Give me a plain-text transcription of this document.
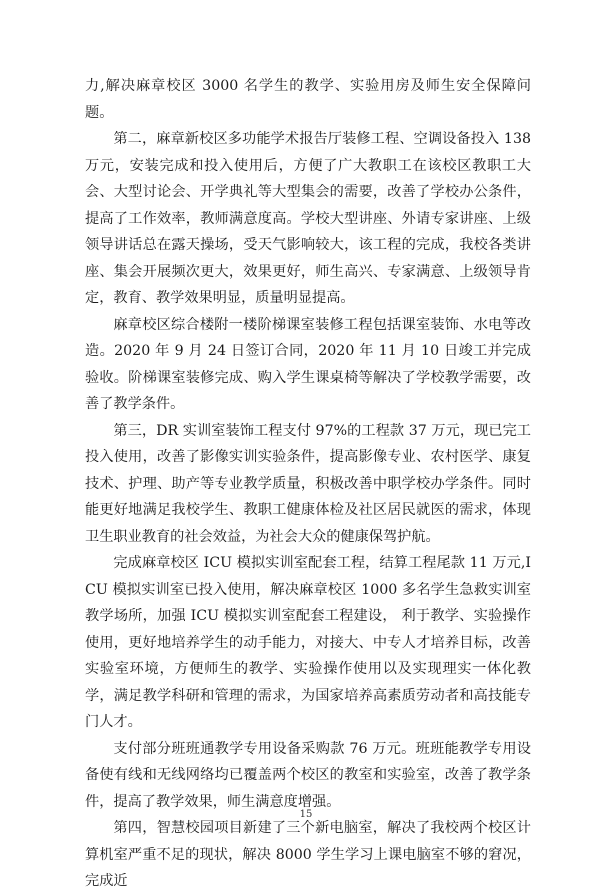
力,解决麻章校区 3000 名学生的教学、实验用房及师生安全保障问题。

第二，麻章新校区多功能学术报告厅装修工程、空调设备投入 138 万元，安装完成和投入使用后，方便了广大教职工在该校区教职工大会、大型讨论会、开学典礼等大型集会的需要，改善了学校办公条件，提高了工作效率，教师满意度高。学校大型讲座、外请专家讲座、上级领导讲话总在露天操场，受天气影响较大，该工程的完成，我校各类讲座、集会开展频次更大，效果更好，师生高兴、专家满意、上级领导肯定，教育、教学效果明显，质量明显提高。

麻章校区综合楼附一楼阶梯课室装修工程包括课室装饰、水电等改造。2020 年 9 月 24 日签订合同，2020 年 11 月 10 日竣工并完成验收。阶梯课室装修完成、购入学生课桌椅等解决了学校教学需要，改善了教学条件。

第三，DR 实训室装饰工程支付 97%的工程款 37 万元，现已完工投入使用，改善了影像实训实验条件，提高影像专业、农村医学、康复技术、护理、助产等专业教学质量，积极改善中职学校办学条件。同时能更好地满足我校学生、教职工健康体检及社区居民就医的需求，体现卫生职业教育的社会效益，为社会大众的健康保驾护航。

完成麻章校区 ICU 模拟实训室配套工程，结算工程尾款 11 万元,ICU 模拟实训室已投入使用，解决麻章校区 1000 多名学生急救实训室教学场所，加强 ICU 模拟实训室配套工程建设， 利于教学、实验操作使用，更好地培养学生的动手能力，对接大、中专人才培养目标，改善实验室环境，方便师生的教学、实验操作使用以及实现理实一体化教学，满足教学科研和管理的需求，为国家培养高素质劳动者和高技能专门人才。

支付部分班班通教学专用设备采购款 76 万元。班班能教学专用设备使有线和无线网络均已覆盖两个校区的教室和实验室，改善了教学条件，提高了教学效果，师生满意度增强。

第四，智慧校园项目新建了三个新电脑室，解决了我校两个校区计算机室严重不足的现状，解决 8000 学生学习上课电脑室不够的窘况，完成近

15
